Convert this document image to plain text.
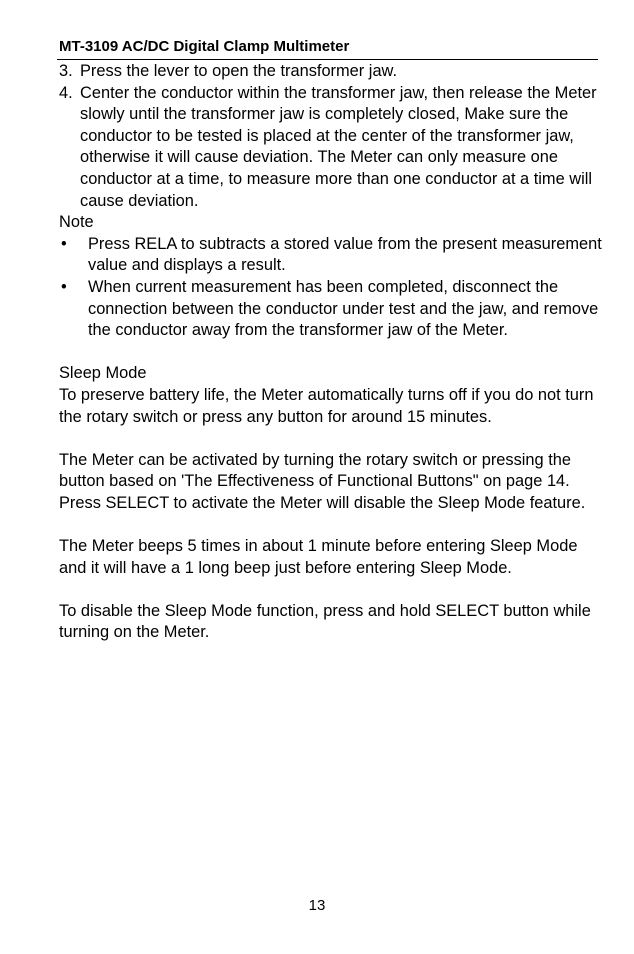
MT-3109 AC/DC Digital Clamp Multimeter
3. Press the lever to open the transformer jaw.
4. Center the conductor within the transformer jaw, then release the Meter slowly until the transformer jaw is completely closed, Make sure the conductor to be tested is placed at the center of the transformer jaw, otherwise it will cause deviation. The Meter can only measure one conductor at a time, to measure more than one conductor at a time will cause deviation.
Note
•	Press RELA to subtracts a stored value from the present measurement value and displays a result.
•	When current measurement has been completed, disconnect the connection between the conductor under test and the jaw, and remove the conductor away from the transformer jaw of the Meter.
Sleep Mode
To preserve battery life, the Meter automatically turns off if you do not turn the rotary switch or press any button for around 15 minutes.
The Meter can be activated by turning the rotary switch or pressing the button based on 'The Effectiveness of Functional Buttons" on page 14.    Press SELECT to activate the Meter will disable the Sleep Mode feature.
The Meter beeps 5 times in about 1 minute before entering Sleep Mode and it will have a 1 long beep just before entering Sleep Mode.
To disable the Sleep Mode function, press and hold SELECT button while turning on the Meter.
13
